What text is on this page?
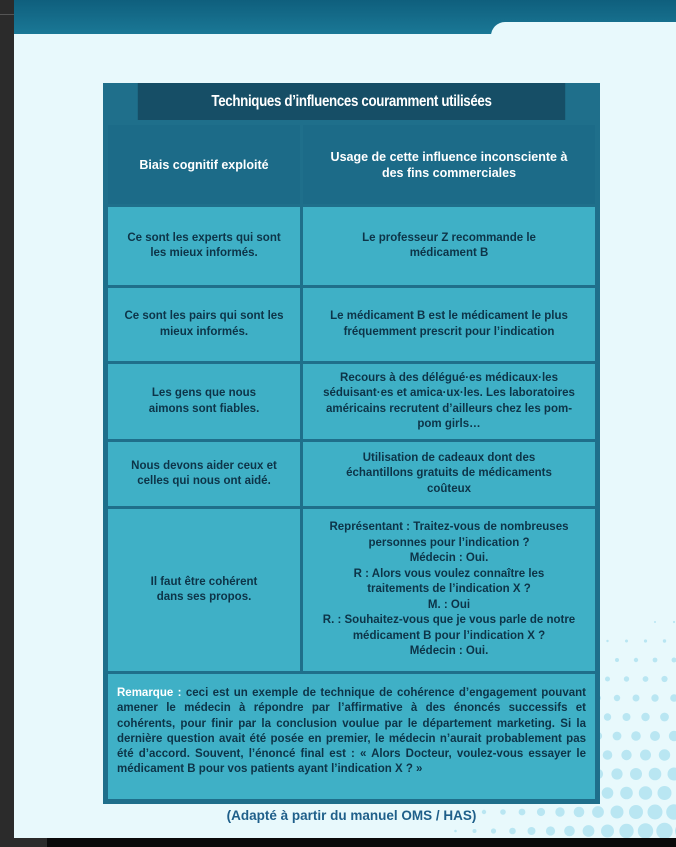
Techniques d’influences couramment utilisées
Biais cognitif exploité
Usage de cette influence inconsciente à des fins commerciales
Ce sont les experts qui sont les mieux informés.
Le professeur Z recommande le médicament B
Ce sont les pairs qui sont les mieux informés.
Le médicament B est le médicament le plus fréquemment prescrit pour l’indication
Les gens que nous aimons sont fiables.
Recours à des délégué·es médicaux·les séduisant·es et amica·ux·les. Les laboratoires américains recrutent d’ailleurs chez les pom-pom girls…
Nous devons aider ceux et celles qui nous ont aidé.
Utilisation de cadeaux dont des échantillons gratuits de médicaments coûteux
Il faut être cohérent dans ses propos.
Représentant : Traitez-vous de nombreuses personnes pour l’indication ?
Médecin : Oui.
R : Alors vous voulez connaître les traitements de l’indication X ?
M. : Oui
R. : Souhaitez-vous que je vous parle de notre médicament B pour l’indication X ?
Médecin : Oui.
Remarque : ceci est un exemple de technique de cohérence d’engagement pouvant amener le médecin à répondre par l’affirmative à des énoncés successifs et cohérents, pour finir par la conclusion voulue par le département marketing. Si la dernière question avait été posée en premier, le médecin n’aurait probablement pas été d’accord. Souvent, l’énoncé final est : « Alors Docteur, voulez-vous essayer le médicament B pour vos patients ayant l’indication X ? »
(Adapté à partir du manuel OMS / HAS)
